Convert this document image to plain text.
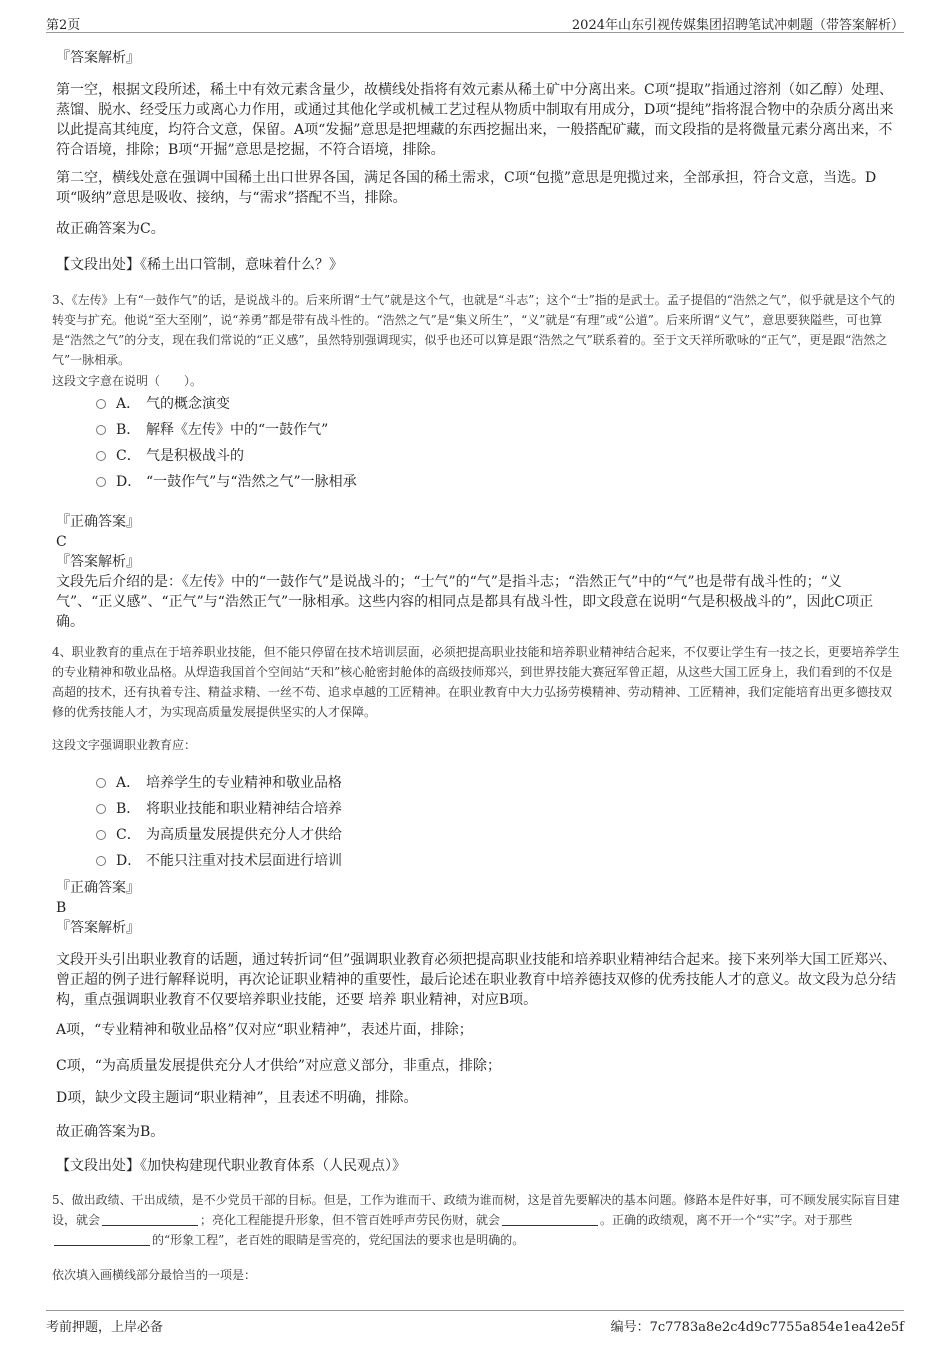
第2页	2024年山东引视传媒集团招聘笔试冲刺题（带答案解析）
『答案解析』
第一空，根据文段所述，稀土中有效元素含量少，故横线处指将有效元素从稀土矿中分离出来。C项“提取”指通过溶剂（如乙醇）处理、蒸馏、脱水、经受压力或离心力作用，或通过其他化学或机械工艺过程从物质中制取有用成分，D项“提纯”指将混合物中的杂质分离出来以此提高其纯度，均符合文意，保留。A项“发掘”意思是把埋藏的东西挖掘出来，一般搭配矿藏，而文段指的是将微量元素分离出来，不符合语境，排除；B项“开掘”意思是挖掘，不符合语境，排除。
第二空，横线处意在强调中国稀土出口世界各国，满足各国的稀土需求，C项“包揽”意思是兜揽过来，全部承担，符合文意，当选。D项“吸纳”意思是吸收、接纳，与“需求”搭配不当，排除。
故正确答案为C。
【文段出处】《稀土出口管制，意味着什么？》
3、《左传》上有“一鼓作气”的话，是说战斗的。后来所谓“士气”就是这个气，也就是“斗志”；这个“士”指的是武士。孟子提倡的“浩然之气”，似乎就是这个气的转变与扩充。他说“至大至刚”，说“养勇”都是带有战斗性的。“浩然之气”是“集义所生”，“义”就是“有理”或“公道”。后来所谓“义气”，意思要狭隘些，可也算是“浩然之气”的分支，现在我们常说的“正义感”，虽然特别强调现实，似乎也还可以算是跟“浩然之气”联系着的。至于文天祥所歌咏的“正气”，更是跟“浩然之气”一脉相承。
这段文字意在说明（　　）。
A． 气的概念演变
B． 解释《左传》中的“一鼓作气”
C． 气是积极战斗的
D． “一鼓作气”与“浩然之气”一脉相承
『正确答案』
C
『答案解析』
文段先后介绍的是：《左传》中的“一鼓作气”是说战斗的；“士气”的“气”是指斗志；“浩然正气”中的“气”也是带有战斗性的；“义气”、“正义感”、“正气”与“浩然正气”一脉相承。这些内容的相同点是都具有战斗性，即文段意在说明“气是积极战斗的”，因此C项正确。
4、职业教育的重点在于培养职业技能，但不能只停留在技术培训层面，必须把提高职业技能和培养职业精神结合起来，不仅要让学生有一技之长，更要培养学生的专业精神和敬业品格。从焊造我国首个空间站“天和”核心舱密封舱体的高级技师郑兴，到世界技能大赛冠军曾正超，从这些大国工匠身上，我们看到的不仅是高超的技术，还有执着专注、精益求精、一丝不苟、追求卓越的工匠精神。在职业教育中大力弘扬劳模精神、劳动精神、工匠精神，我们定能培育出更多德技双修的优秀技能人才，为实现高质量发展提供坚实的人才保障。
这段文字强调职业教育应：
A． 培养学生的专业精神和敬业品格
B． 将职业技能和职业精神结合培养
C． 为高质量发展提供充分人才供给
D． 不能只注重对技术层面进行培训
『正确答案』
B
『答案解析』
文段开头引出职业教育的话题，通过转折词“但”强调职业教育必须把提高职业技能和培养职业精神结合起来。接下来列举大国工匠郑兴、曾正超的例子进行解释说明，再次论证职业精神的重要性，最后论述在职业教育中培养德技双修的优秀技能人才的意义。故文段为总分结构，重点强调职业教育不仅要培养职业技能，还要 培养 职业精神，对应B项。
A项，“专业精神和敬业品格”仅对应“职业精神”，表述片面，排除；
C项，“为高质量发展提供充分人才供给”对应意义部分，非重点，排除；
D项，缺少文段主题词“职业精神”，且表述不明确，排除。
故正确答案为B。
【文段出处】《加快构建现代职业教育体系（人民观点）》
5、做出政绩、干出成绩，是不少党员干部的目标。但是，工作为谁而干、政绩为谁而树，这是首先要解决的基本问题。修路本是件好事，可不顾发展实际盲目建设，就会	；亮化工程能提升形象，但不管百姓呼声劳民伤财，就会	。正确的政绩观，离不开一个“实”字。对于那些的“形象工程”，老百姓的眼睛是雪亮的，党纪国法的要求也是明确的。
依次填入画横线部分最恰当的一项是：
考前押题，上岸必备	编号：7c7783a8e2c4d9c7755a854e1ea42e5f
